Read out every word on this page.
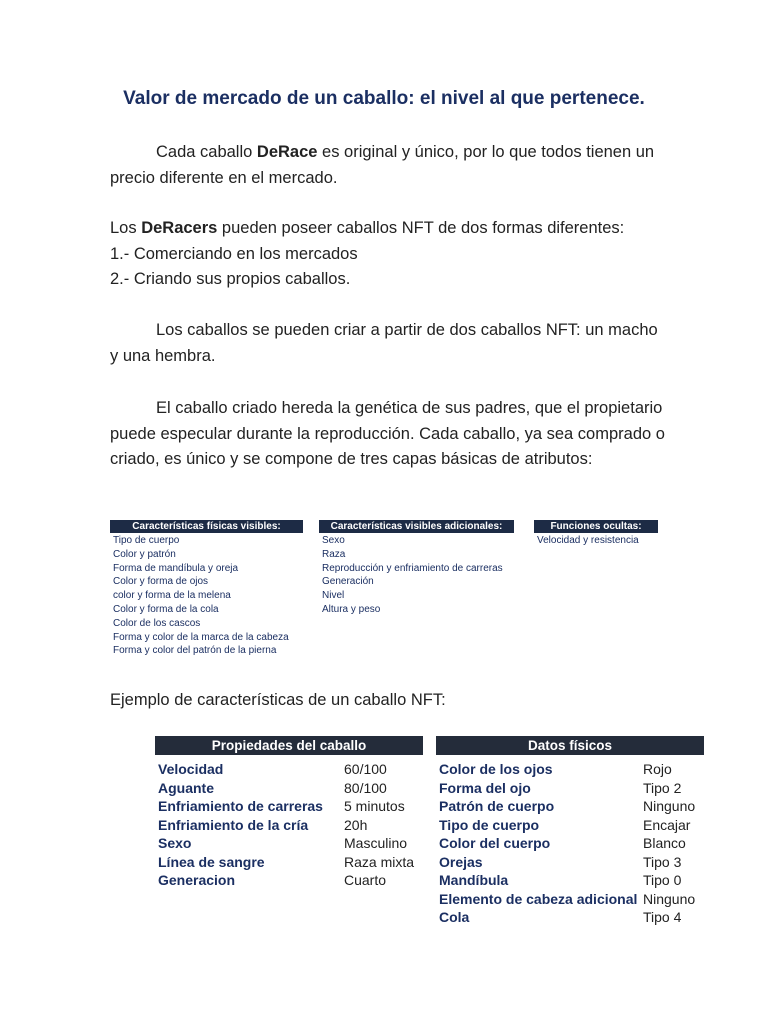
Valor de mercado de un caballo: el nivel al que pertenece.
Cada caballo DeRace es original y único, por lo que todos tienen un precio diferente en el mercado.
Los DeRacers pueden poseer caballos NFT de dos formas diferentes:
1.- Comerciando en los mercados
2.- Criando sus propios caballos.
Los caballos se pueden criar a partir de dos caballos NFT: un macho y una hembra.
El caballo criado hereda la genética de sus padres, que el propietario puede especular durante la reproducción. Cada caballo, ya sea comprado o criado, es único y se compone de tres capas básicas de atributos:
Características físicas visibles:
Tipo de cuerpo
Color y patrón
Forma de mandíbula y oreja
Color y forma de ojos
color y forma de la melena
Color y forma de la cola
Color de los cascos
Forma y color de la marca de la cabeza
Forma y color del patrón de la pierna
Características visibles adicionales:
Sexo
Raza
Reproducción y enfriamiento de carreras
Generación
Nivel
Altura y peso
Funciones ocultas:
Velocidad y resistencia
Ejemplo de características de un caballo NFT:
Propiedades del caballo
Velocidad	60/100
Aguante	80/100
Enfriamiento de carreras	5 minutos
Enfriamiento de la cría	20h
Sexo	Masculino
Línea de sangre	Raza mixta
Generacion	Cuarto
Datos físicos
Color de los ojos	Rojo
Forma del ojo	Tipo 2
Patrón de cuerpo	Ninguno
Tipo de cuerpo	Encajar
Color del cuerpo	Blanco
Orejas	Tipo 3
Mandíbula	Tipo 0
Elemento de cabeza adicional Ninguno
Cola	Tipo 4
